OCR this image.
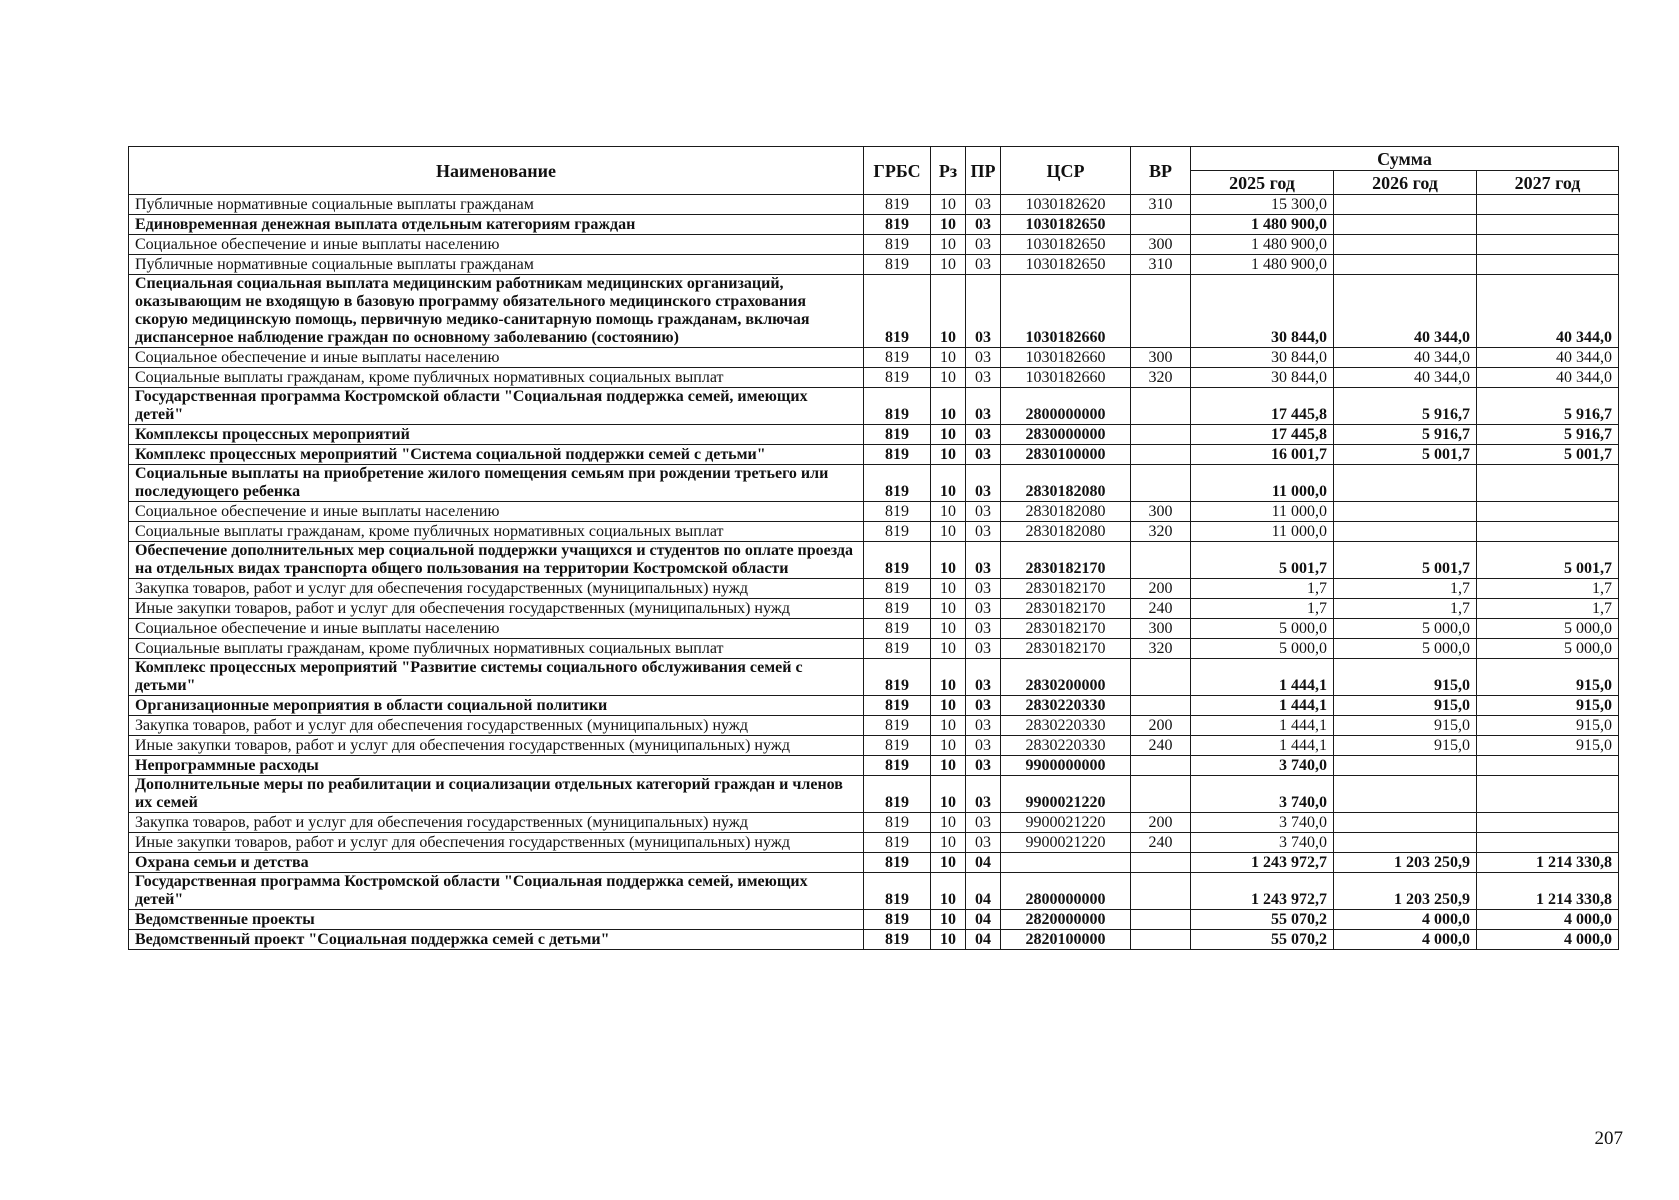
Наименование	ГРБС	Рз	ПР	ЦСР	ВР	Сумма		
						2025 год	2026 год	2027 год
Публичные нормативные социальные выплаты гражданам	819	10	03	1030182620	310	15 300,0		
Единовременная денежная выплата отдельным категориям граждан	819	10	03	1030182650		1 480 900,0		
Социальное обеспечение и иные выплаты населению	819	10	03	1030182650	300	1 480 900,0		
Публичные нормативные социальные выплаты гражданам	819	10	03	1030182650	310	1 480 900,0		
Специальная социальная выплата медицинским работникам медицинских организаций, оказывающим не входящую в базовую программу обязательного медицинского страхования скорую медицинскую помощь, первичную медико-санитарную помощь гражданам, включая диспансерное наблюдение граждан по основному заболеванию (состоянию)	819	10	03	1030182660		30 844,0	40 344,0	40 344,0
Социальное обеспечение и иные выплаты населению	819	10	03	1030182660	300	30 844,0	40 344,0	40 344,0
Социальные выплаты гражданам, кроме публичных нормативных социальных выплат	819	10	03	1030182660	320	30 844,0	40 344,0	40 344,0
Государственная программа Костромской области "Социальная поддержка семей, имеющих детей"	819	10	03	2800000000		17 445,8	5 916,7	5 916,7
Комплексы процессных мероприятий	819	10	03	2830000000		17 445,8	5 916,7	5 916,7
Комплекс процессных мероприятий "Система социальной поддержки семей с детьми"	819	10	03	2830100000		16 001,7	5 001,7	5 001,7
Социальные выплаты на приобретение жилого помещения семьям при рождении третьего или последующего ребенка	819	10	03	2830182080		11 000,0		
Социальное обеспечение и иные выплаты населению	819	10	03	2830182080	300	11 000,0		
Социальные выплаты гражданам, кроме публичных нормативных социальных выплат	819	10	03	2830182080	320	11 000,0		
Обеспечение дополнительных мер социальной поддержки учащихся и студентов по оплате проезда на отдельных видах транспорта общего пользования на территории Костромской области	819	10	03	2830182170		5 001,7	5 001,7	5 001,7
Закупка товаров, работ и услуг для обеспечения государственных (муниципальных) нужд	819	10	03	2830182170	200	1,7	1,7	1,7
Иные закупки товаров, работ и услуг для обеспечения государственных (муниципальных) нужд	819	10	03	2830182170	240	1,7	1,7	1,7
Социальное обеспечение и иные выплаты населению	819	10	03	2830182170	300	5 000,0	5 000,0	5 000,0
Социальные выплаты гражданам, кроме публичных нормативных социальных выплат	819	10	03	2830182170	320	5 000,0	5 000,0	5 000,0
Комплекс процессных мероприятий "Развитие системы социального обслуживания семей с детьми"	819	10	03	2830200000		1 444,1	915,0	915,0
Организационные мероприятия в области социальной политики	819	10	03	2830220330		1 444,1	915,0	915,0
Закупка товаров, работ и услуг для обеспечения государственных (муниципальных) нужд	819	10	03	2830220330	200	1 444,1	915,0	915,0
Иные закупки товаров, работ и услуг для обеспечения государственных (муниципальных) нужд	819	10	03	2830220330	240	1 444,1	915,0	915,0
Непрограммные расходы	819	10	03	9900000000		3 740,0		
Дополнительные меры по реабилитации и социализации отдельных категорий граждан и членов их семей	819	10	03	9900021220		3 740,0		
Закупка товаров, работ и услуг для обеспечения государственных (муниципальных) нужд	819	10	03	9900021220	200	3 740,0		
Иные закупки товаров, работ и услуг для обеспечения государственных (муниципальных) нужд	819	10	03	9900021220	240	3 740,0		
Охрана семьи и детства	819	10	04			1 243 972,7	1 203 250,9	1 214 330,8
Государственная программа Костромской области "Социальная поддержка семей, имеющих детей"	819	10	04	2800000000		1 243 972,7	1 203 250,9	1 214 330,8
Ведомственные проекты	819	10	04	2820000000		55 070,2	4 000,0	4 000,0
Ведомственный проект "Социальная поддержка семей с детьми"	819	10	04	2820100000		55 070,2	4 000,0	4 000,0
207
